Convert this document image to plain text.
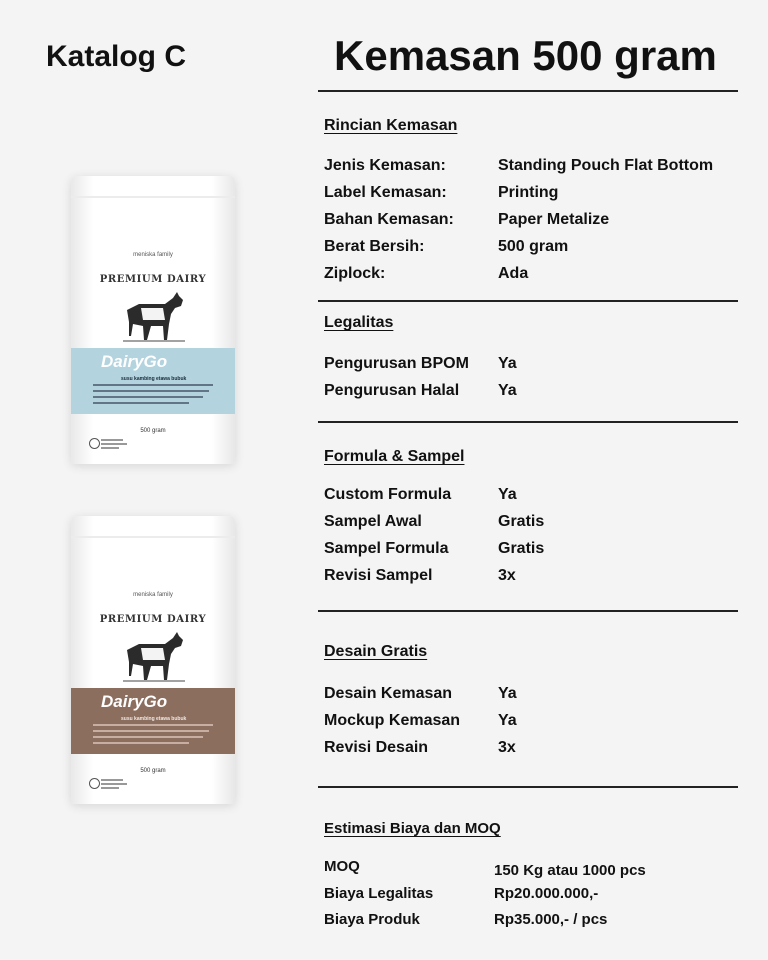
Katalog C	Kemasan 500 gram
meniska family
PREMIUM DAIRY
DairyGo
susu kambing etawa bubuk
500 gram
meniska family
PREMIUM DAIRY
DairyGo
susu kambing etawa bubuk
500 gram
Rincian Kemasan
Jenis Kemasan:	Standing Pouch Flat Bottom
Label Kemasan:	Printing
Bahan Kemasan:	Paper Metalize
Berat Bersih:	500 gram
Ziplock:	Ada
Legalitas
Pengurusan BPOM Ya
Pengurusan Halal Ya
Formula & Sampel
Custom Formula	Ya
Sampel Awal	Gratis
Sampel Formula	Gratis
Revisi Sampel	3x
Desain Gratis
Desain Kemasan	Ya
Mockup Kemasan Ya
Revisi Desain	3x
Estimasi Biaya dan MOQ
MOQ	150 Kg atau 1000 pcs
Biaya Legalitas	Rp20.000.000,-
Biaya Produk	Rp35.000,- / pcs
